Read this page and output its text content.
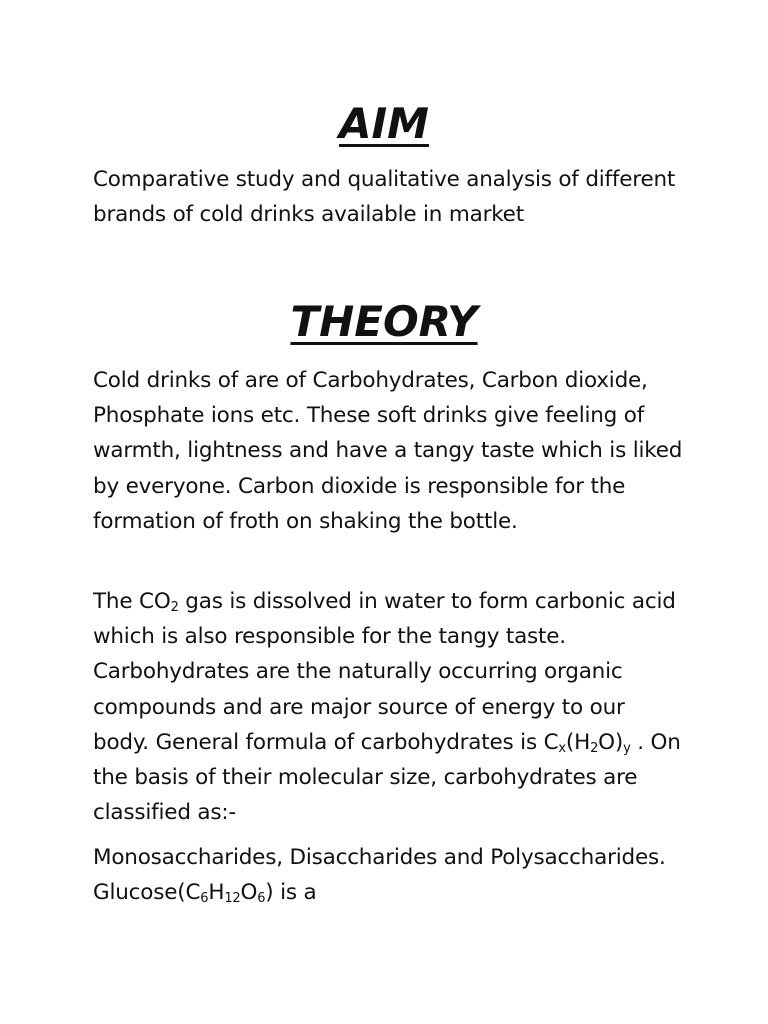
AIM

Comparative study and qualitative analysis of different brands of cold drinks available in market

THEORY

Cold drinks of are of Carbohydrates, Carbon dioxide, Phosphate ions etc. These soft drinks give feeling of warmth, lightness and have a tangy taste which is liked by everyone. Carbon dioxide is responsible for the formation of froth on shaking the bottle.

The $CO_2$ gas is dissolved in water to form carbonic acid which is also responsible for the tangy taste. Carbohydrates are the naturally occurring organic compounds and are major source of energy to our body. General formula of carbohydrates is $C_x(H_2O)_y$ . On the basis of their molecular size, carbohydrates are classified as:-

Monosaccharides, Disaccharides and Polysaccharides. $Glucose(C_6H_{12}O_6)$ is a
